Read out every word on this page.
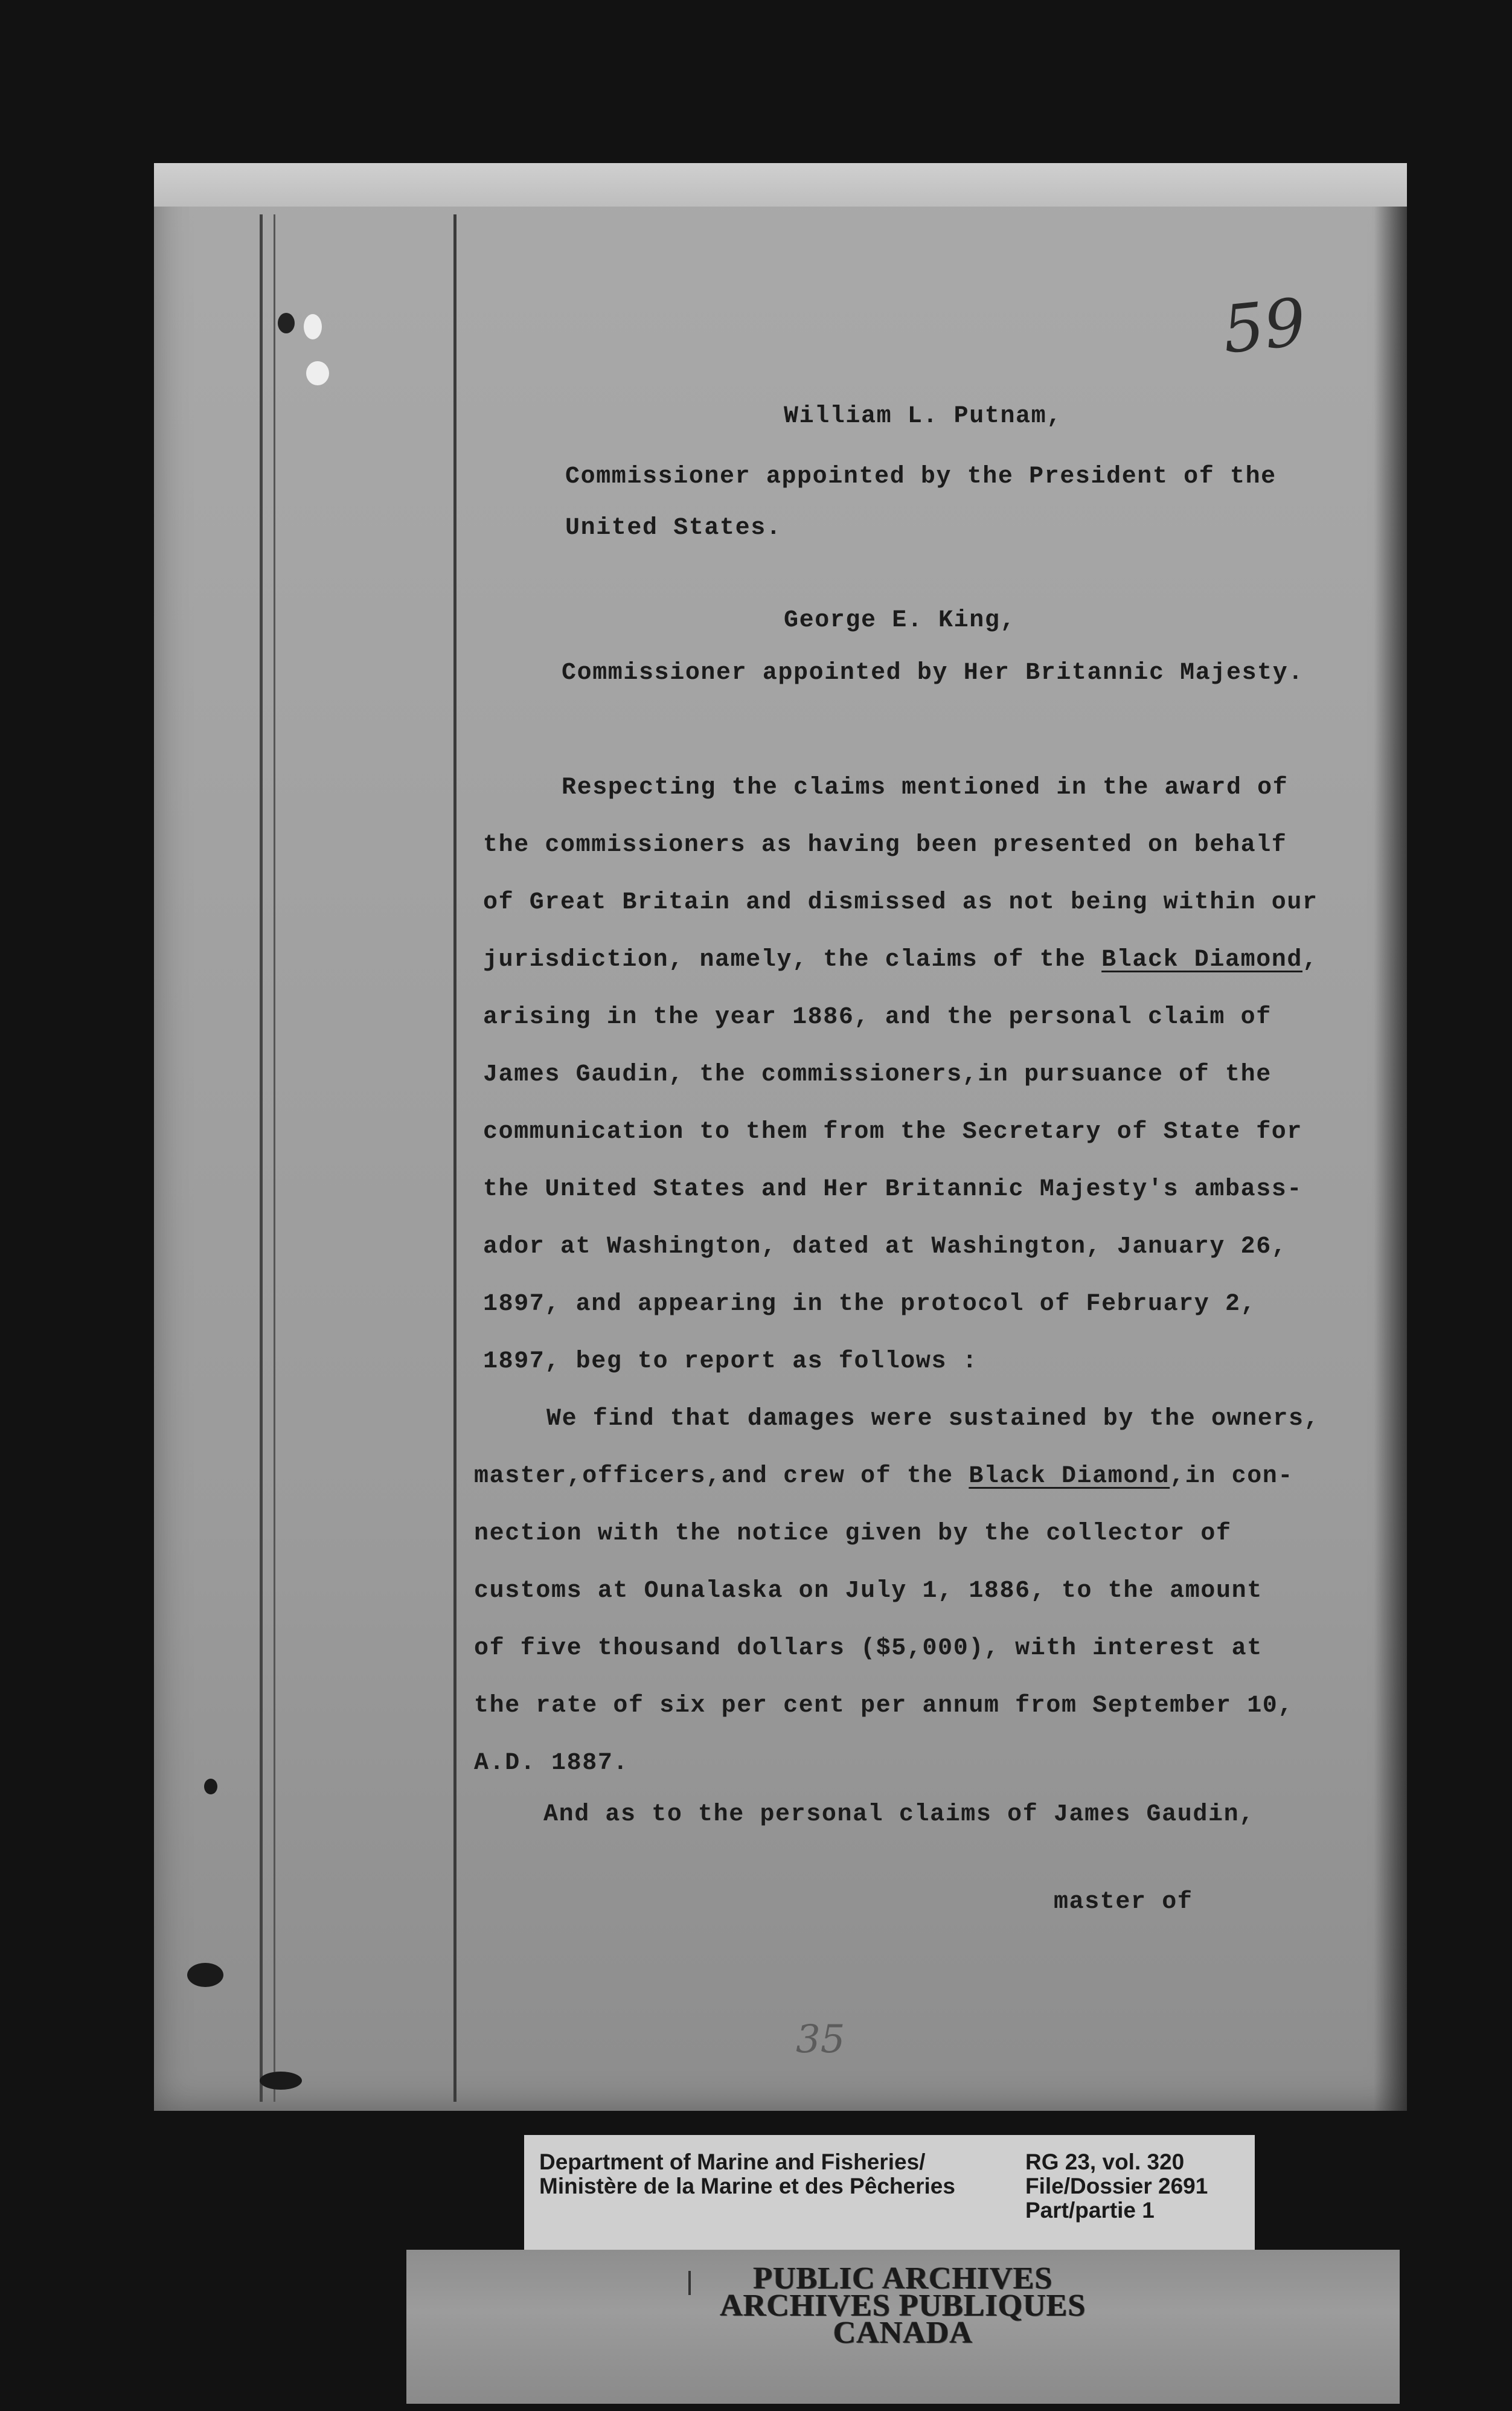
59
William L. Putnam,
Commissioner appointed by the President of the
United States.
George E. King,
Commissioner appointed by Her Britannic Majesty.
Respecting the claims mentioned in the award of
the commissioners as having been presented on behalf
of Great Britain and dismissed as not being within our
jurisdiction, namely, the claims of the Black Diamond,
arising in the year 1886, and the personal claim of
James Gaudin, the commissioners,in pursuance of the
communication to them from the Secretary of State for
the United States and Her Britannic Majesty's ambass-
ador at Washington, dated at Washington, January 26,
1897, and appearing in the protocol of February 2,
1897, beg to report as follows :
We find that damages were sustained by the owners,
master,officers,and crew of the Black Diamond,in con-
nection with the notice given by the collector of
customs at Ounalaska on July 1, 1886, to the amount
of five thousand dollars ($5,000), with interest at
the rate of six per cent per annum from September 10,
A.D. 1887.
And as to the personal claims of James Gaudin,
master of
35
Department of Marine and Fisheries/
Ministère de la Marine et des Pêcheries
RG 23, vol. 320
File/Dossier 2691
Part/partie 1
PUBLIC ARCHIVES
ARCHIVES PUBLIQUES
CANADA
